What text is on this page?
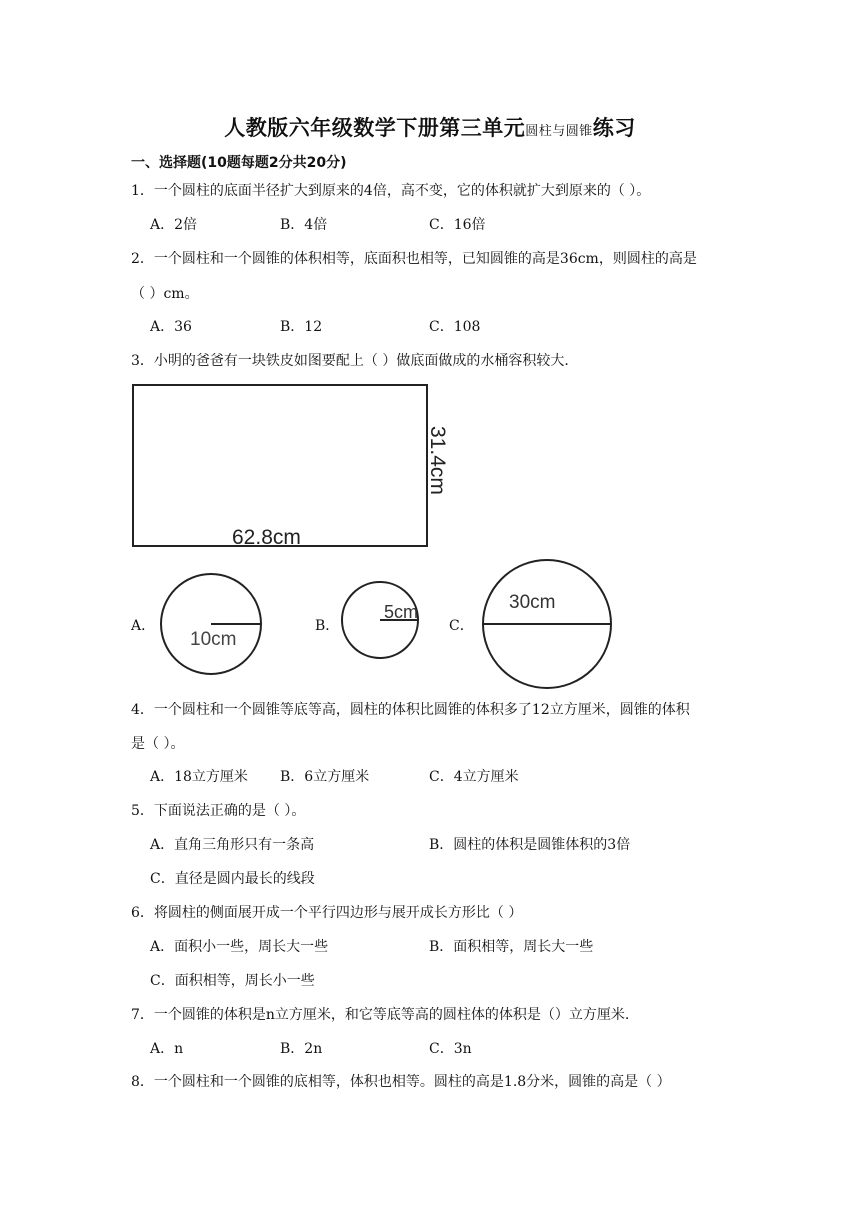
人教版六年级数学下册第三单元圆柱与圆锥练习
一、选择题(10题每题2分共20分)
1．一个圆柱的底面半径扩大到原来的4倍，高不变，它的体积就扩大到原来的（ ）。
A．2倍	B．4倍	C．16倍
2．一个圆柱和一个圆锥的体积相等，底面积也相等，已知圆锥的高是36cm，则圆柱的高是
（ ）cm。
A．36	B．12	C．108
3．小明的爸爸有一块铁皮如图要配上（ ）做底面做成的水桶容积较大.
62.8cm
31.4cm
A．
10cm
B．
5cm
C．
30cm
4．一个圆柱和一个圆锥等底等高，圆柱的体积比圆锥的体积多了12立方厘米，圆锥的体积
是（ ）。
A．18立方厘米 B．6立方厘米	C．4立方厘米
5．下面说法正确的是（ ）。
A．直角三角形只有一条高	B．圆柱的体积是圆锥体积的3倍
C．直径是圆内最长的线段
6．将圆柱的侧面展开成一个平行四边形与展开成长方形比（ ）
A．面积小一些，周长大一些	B．面积相等，周长大一些
C．面积相等，周长小一些
7．一个圆锥的体积是n立方厘米，和它等底等高的圆柱体的体积是（）立方厘米.
A．n	B．2n	C．3n
8．一个圆柱和一个圆锥的底相等，体积也相等。圆柱的高是1.8分米，圆锥的高是（ ）
